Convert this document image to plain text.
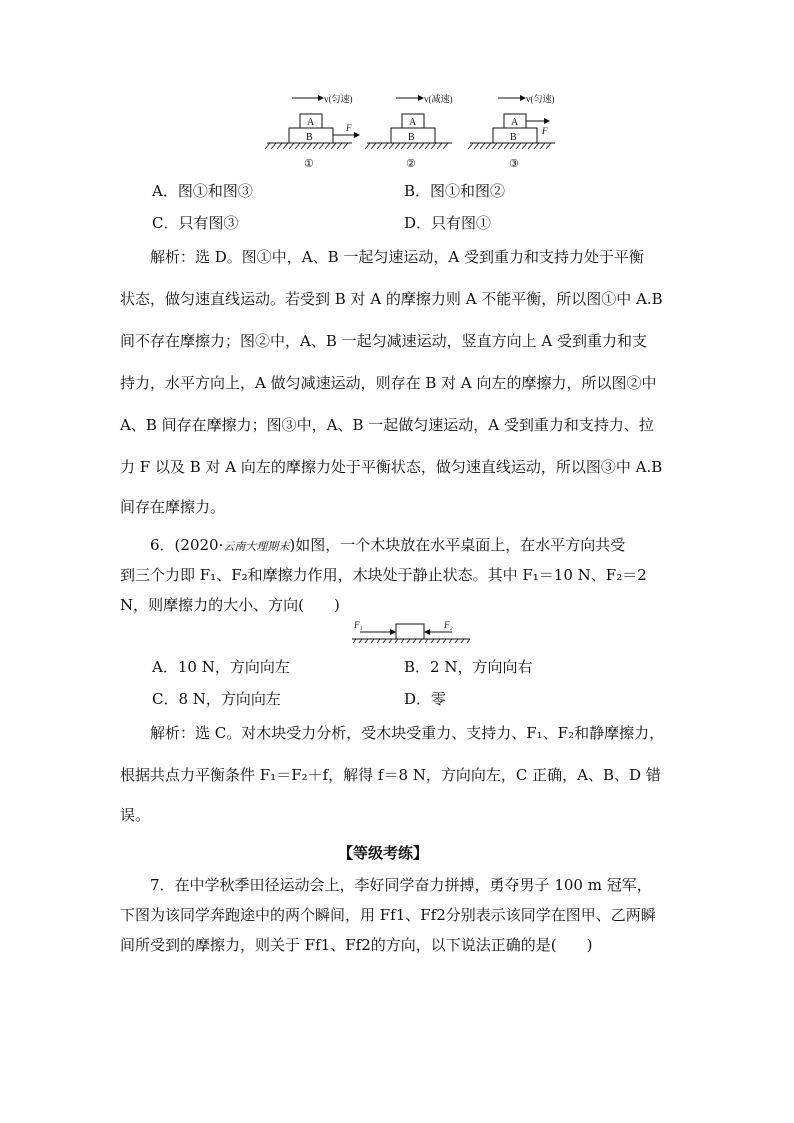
v(匀速)
A
B
F
①
v(减速)
A
B
②
v(匀速)
A
F
B
③
A．图①和图③	B．图①和图②
C．只有图③	D．只有图①
解析：选 D。图①中，A、B 一起匀速运动，A 受到重力和支持力处于平衡
状态，做匀速直线运动。若受到 B 对 A 的摩擦力则 A 不能平衡，所以图①中 A.B
间不存在摩擦力；图②中，A、B 一起匀减速运动，竖直方向上 A 受到重力和支
持力，水平方向上，A 做匀减速运动，则存在 B 对 A 向左的摩擦力，所以图②中
A、B 间存在摩擦力；图③中，A、B 一起做匀速运动，A 受到重力和支持力、拉
力 F 以及 B 对 A 向左的摩擦力处于平衡状态，做匀速直线运动，所以图③中 A.B
间存在摩擦力。
6．(2020·云南大理期末)如图，一个木块放在水平桌面上，在水平方向共受
到三个力即 F₁、F₂和摩擦力作用，木块处于静止状态。其中 F₁＝10 N、F₂＝2
N，则摩擦力的大小、方向(　　)
F₁	F₂
A．10 N，方向向左	B．2 N，方向向右
C．8 N，方向向左	D．零
解析：选 C。对木块受力分析，受木块受重力、支持力、F₁、F₂和静摩擦力，
根据共点力平衡条件 F₁＝F₂＋f，解得 f＝8 N，方向向左，C 正确，A、B、D 错
误。
【等级考练】
7．在中学秋季田径运动会上，李好同学奋力拼搏，勇夺男子 100 m 冠军，
下图为该同学奔跑途中的两个瞬间，用 Ff1、Ff2分别表示该同学在图甲、乙两瞬
间所受到的摩擦力，则关于 Ff1、Ff2的方向，以下说法正确的是(　　)
